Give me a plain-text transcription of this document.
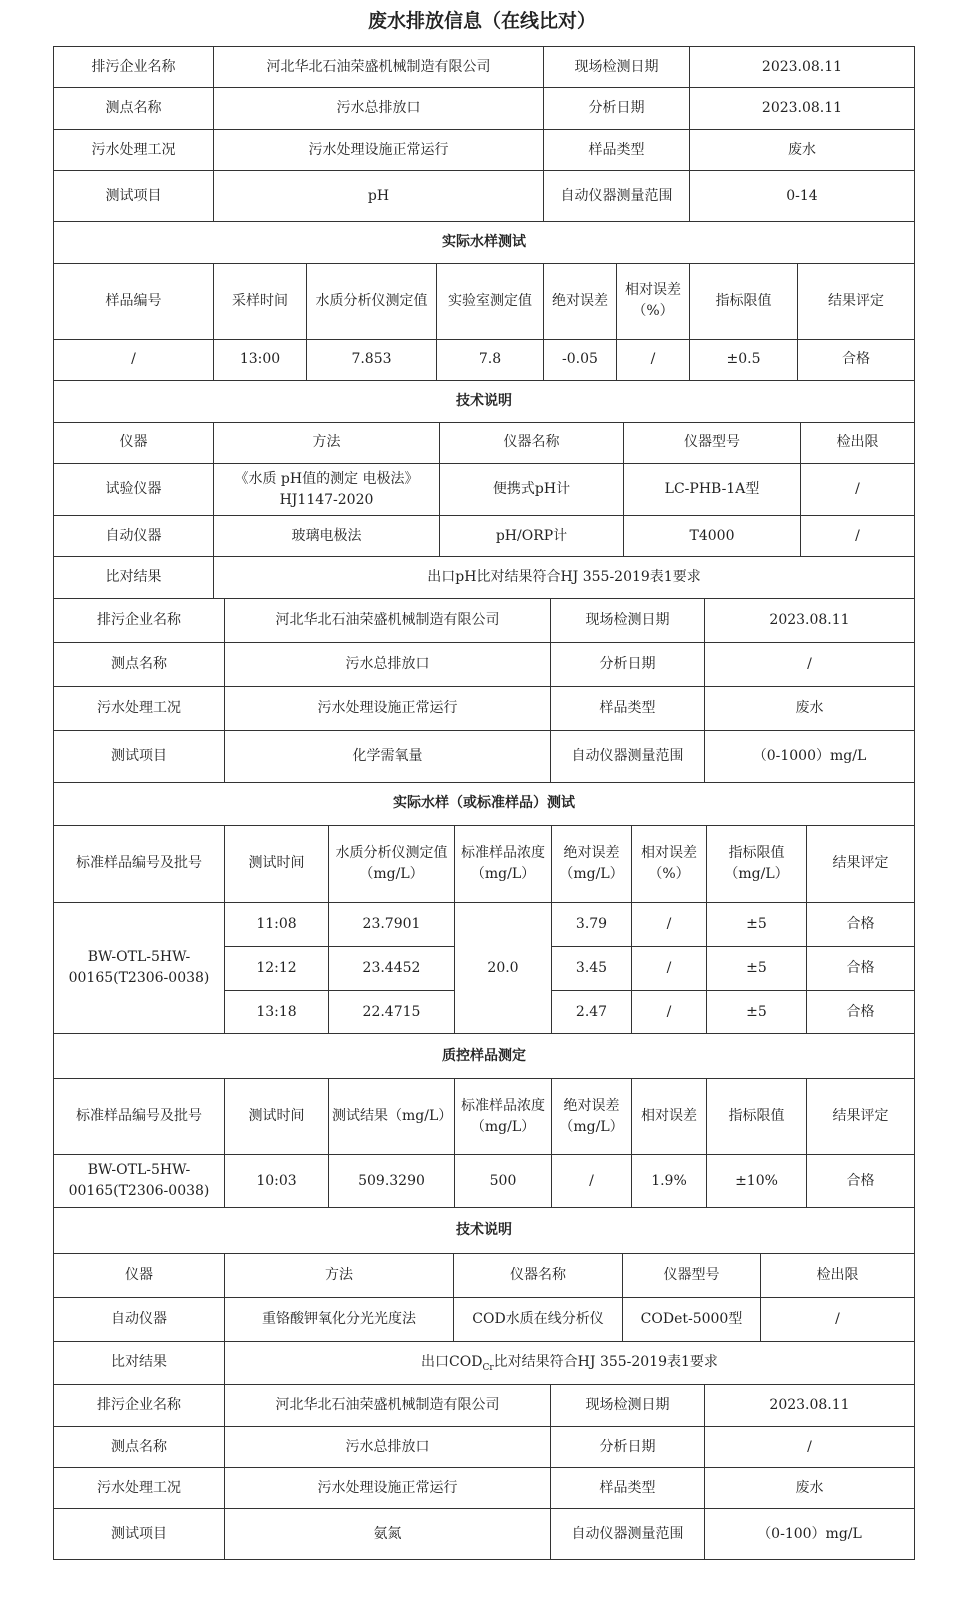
废水排放信息（在线比对）
排污企业名称	河北华北石油荣盛机械制造有限公司	现场检测日期	2023.08.11
测点名称	污水总排放口	分析日期	2023.08.11
污水处理工况	污水处理设施正常运行	样品类型	废水
测试项目	pH	自动仪器测量范围	0-14
实际水样测试			
样品编号	采样时间	水质分析仪测定值	实验室测定值	绝对误差	相对误差（%）	指标限值	结果评定
/	13:00	7.853	7.8	-0.05	/	±0.5	合格
技术说明							
仪器	方法	仪器名称	仪器型号	检出限
试验仪器	《水质 pH值的测定 电极法》HJ1147-2020	便携式pH计	LC-PHB-1A型	/
自动仪器	玻璃电极法	pH/ORP计	T4000	/
比对结果	出口pH比对结果符合HJ 355-2019表1要求			
排污企业名称	河北华北石油荣盛机械制造有限公司	现场检测日期	2023.08.11
测点名称	污水总排放口	分析日期	/
污水处理工况	污水处理设施正常运行	样品类型	废水
测试项目	化学需氧量	自动仪器测量范围	（0-1000）mg/L
实际水样（或标准样品）测试			
标准样品编号及批号	测试时间	水质分析仪测定值（mg/L）	标准样品浓度（mg/L）	绝对误差（mg/L）	相对误差（%）	指标限值（mg/L）	结果评定
BW-OTL-5HW-00165(T2306-0038)	11:08	23.7901	20.0	3.79	/	±5	合格
	12:12	23.4452		3.45	/	±5	合格
	13:18	22.4715		2.47	/	±5	合格
质控样品测定							
标准样品编号及批号	测试时间	测试结果（mg/L）	标准样品浓度（mg/L）	绝对误差（mg/L）	相对误差	指标限值	结果评定
BW-OTL-5HW-00165(T2306-0038)	10:03	509.3290	500	/	1.9%	±10%	合格
技术说明							
仪器	方法	仪器名称	仪器型号	检出限
自动仪器	重铬酸钾氧化分光光度法	COD水质在线分析仪	CODet-5000型	/
比对结果	出口$COD_{Cr}$比对结果符合HJ 355-2019表1要求			
排污企业名称	河北华北石油荣盛机械制造有限公司	现场检测日期	2023.08.11
测点名称	污水总排放口	分析日期	/
污水处理工况	污水处理设施正常运行	样品类型	废水
测试项目	氨氮	自动仪器测量范围	（0-100）mg/L
